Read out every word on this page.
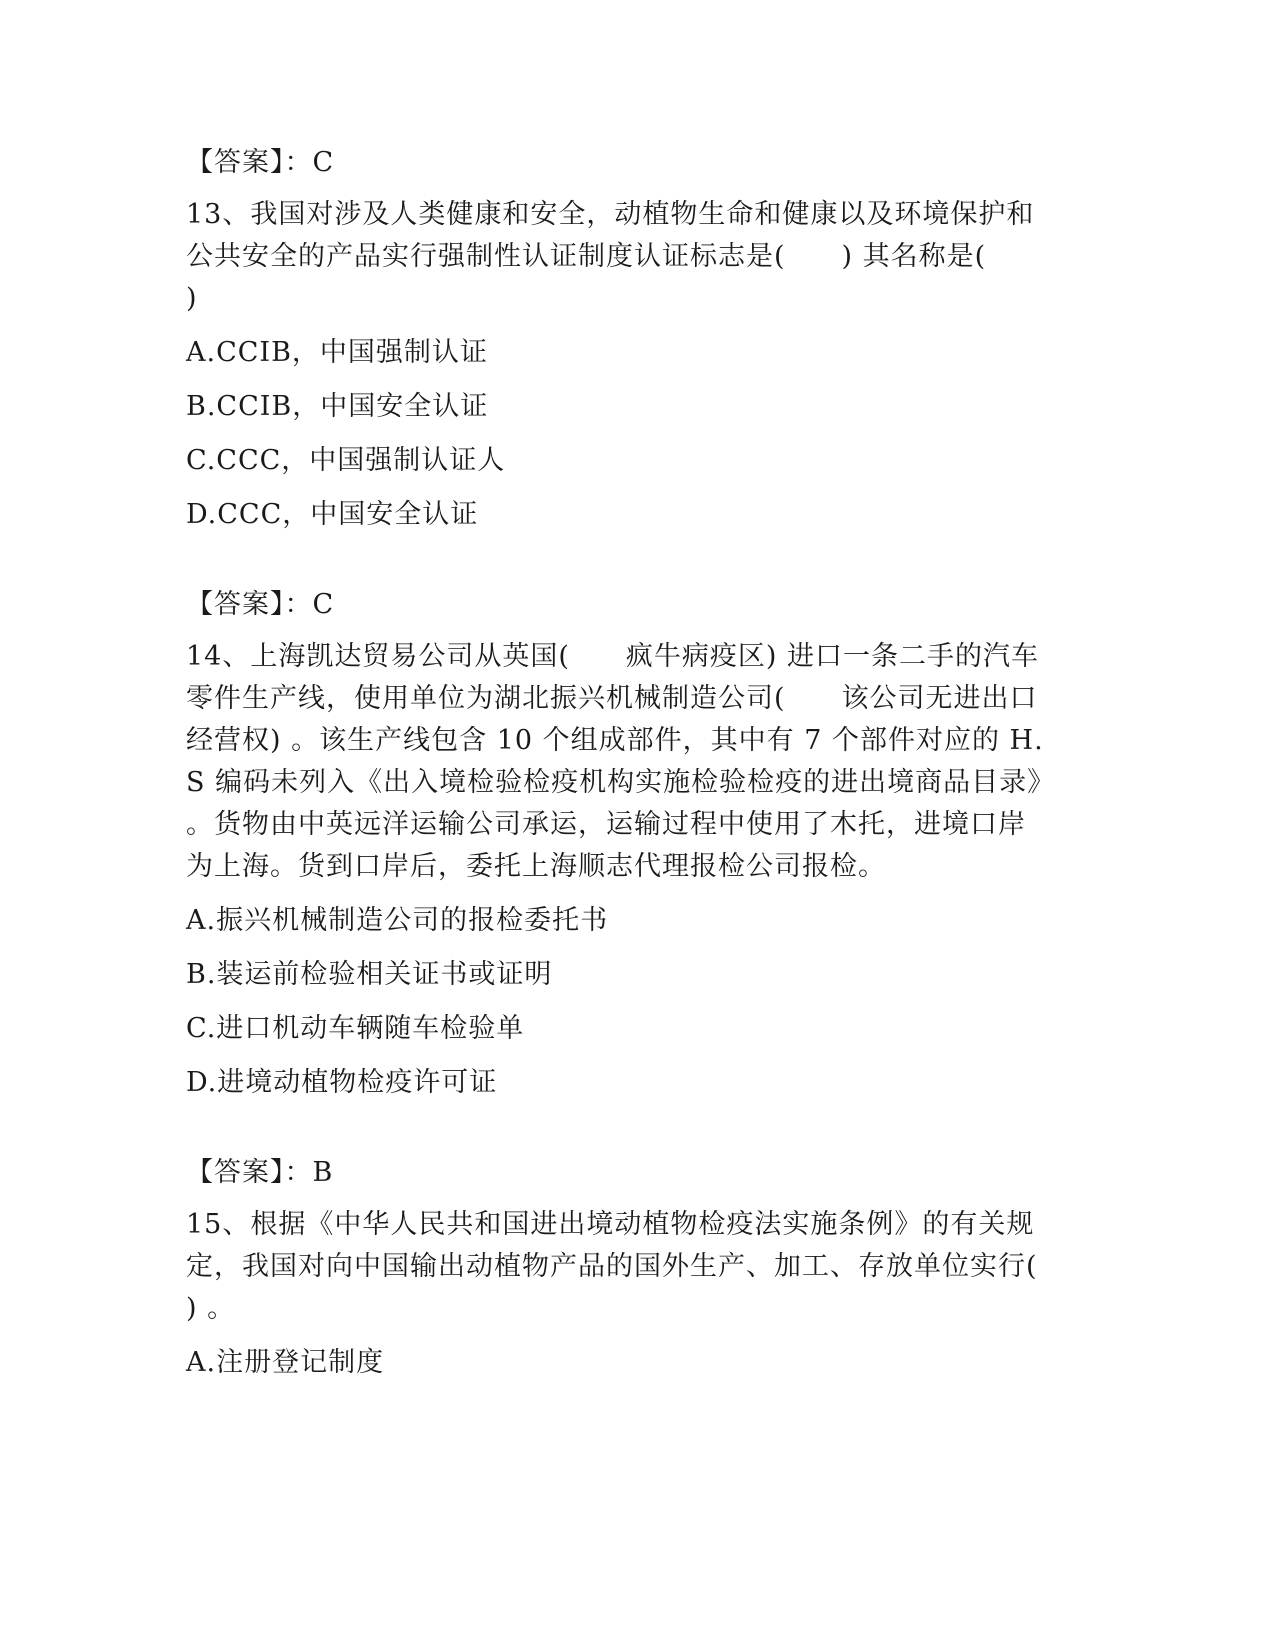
【答案】：C
13、我国对涉及人类健康和安全，动植物生命和健康以及环境保护和
公共安全的产品实行强制性认证制度认证标志是(　　) 其名称是(
)
A.CCIB，中国强制认证
B.CCIB，中国安全认证
C.CCC，中国强制认证人
D.CCC，中国安全认证
【答案】：C
14、上海凯达贸易公司从英国(　　疯牛病疫区) 进口一条二手的汽车
零件生产线，使用单位为湖北振兴机械制造公司(　　该公司无进出口
经营权) 。该生产线包含 10 个组成部件，其中有 7 个部件对应的 H.
S 编码未列入《出入境检验检疫机构实施检验检疫的进出境商品目录》
。货物由中英远洋运输公司承运，运输过程中使用了木托，进境口岸
为上海。货到口岸后，委托上海顺志代理报检公司报检。
A.振兴机械制造公司的报检委托书
B.装运前检验相关证书或证明
C.进口机动车辆随车检验单
D.进境动植物检疫许可证
【答案】：B
15、根据《中华人民共和国进出境动植物检疫法实施条例》的有关规
定，我国对向中国输出动植物产品的国外生产、加工、存放单位实行(
) 。
A.注册登记制度
